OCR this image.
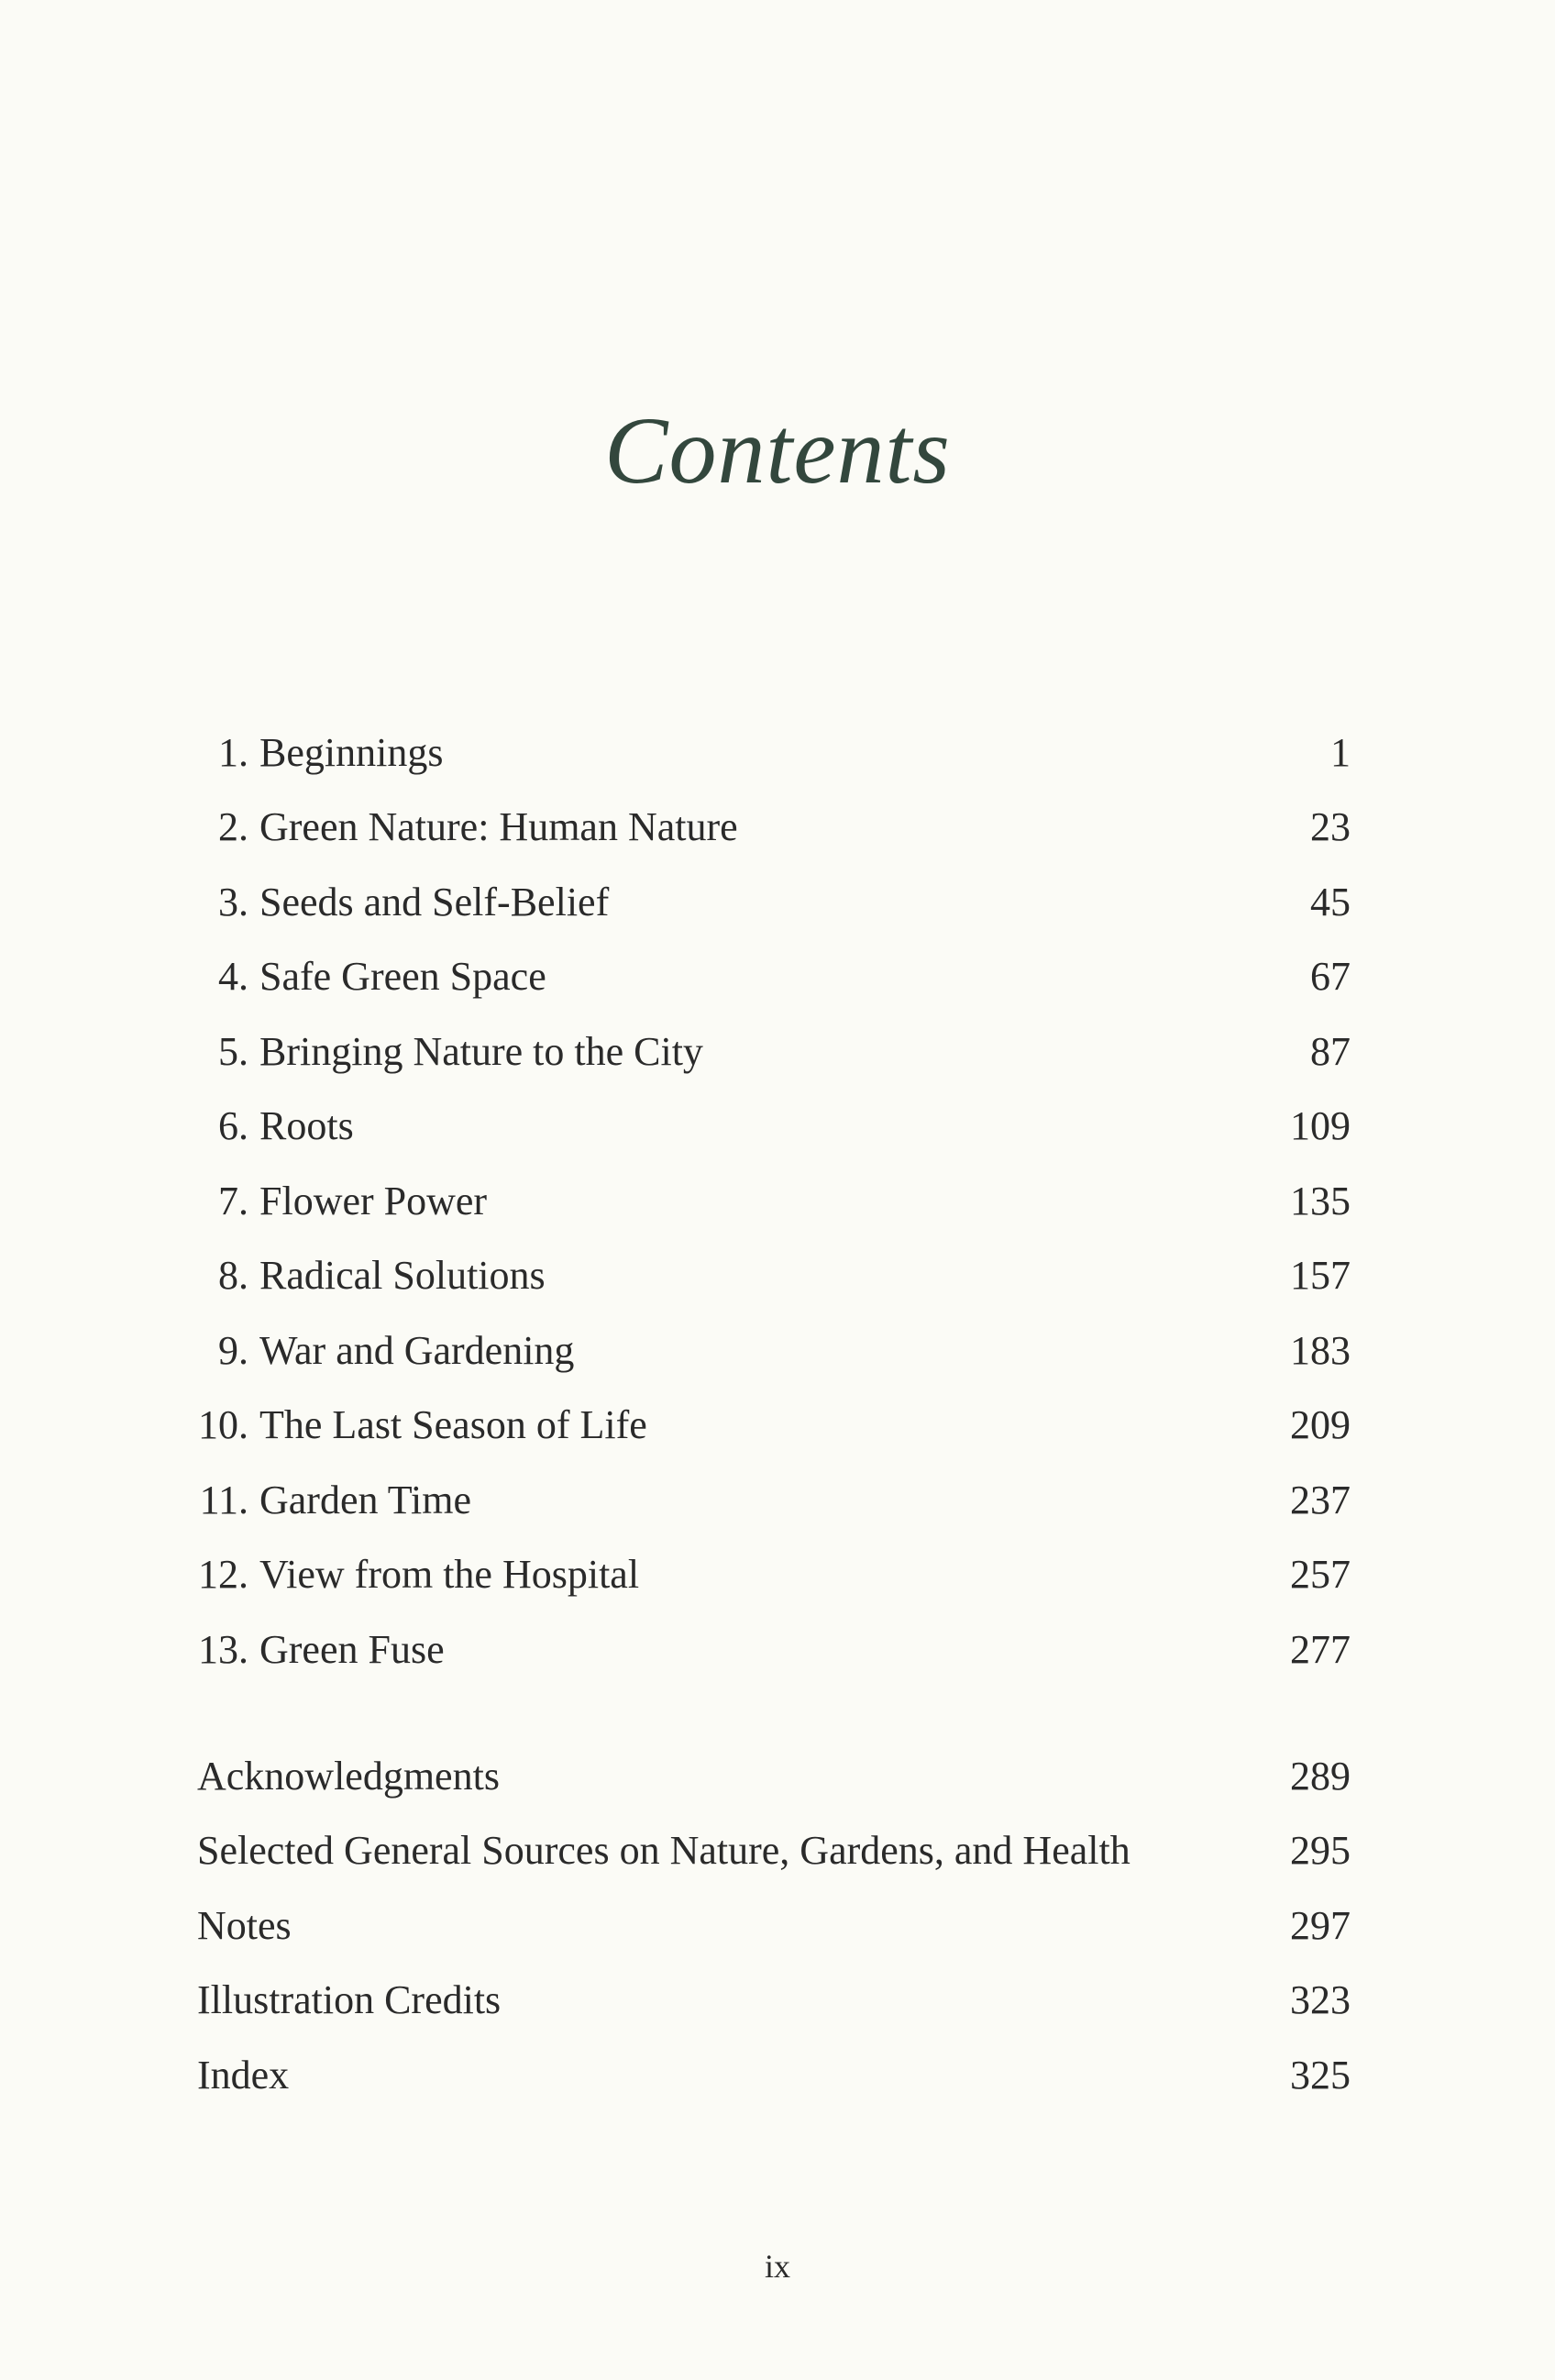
Contents
1. Beginnings	1
2. Green Nature: Human Nature	23
3. Seeds and Self-Belief	45
4. Safe Green Space	67
5. Bringing Nature to the City	87
6. Roots	109
7. Flower Power	135
8. Radical Solutions	157
9. War and Gardening	183
10. The Last Season of Life	209
11. Garden Time	237
12. View from the Hospital	257
13. Green Fuse	277
Acknowledgments	289
Selected General Sources on Nature, Gardens, and Health	295
Notes	297
Illustration Credits	323
Index	325
ix
